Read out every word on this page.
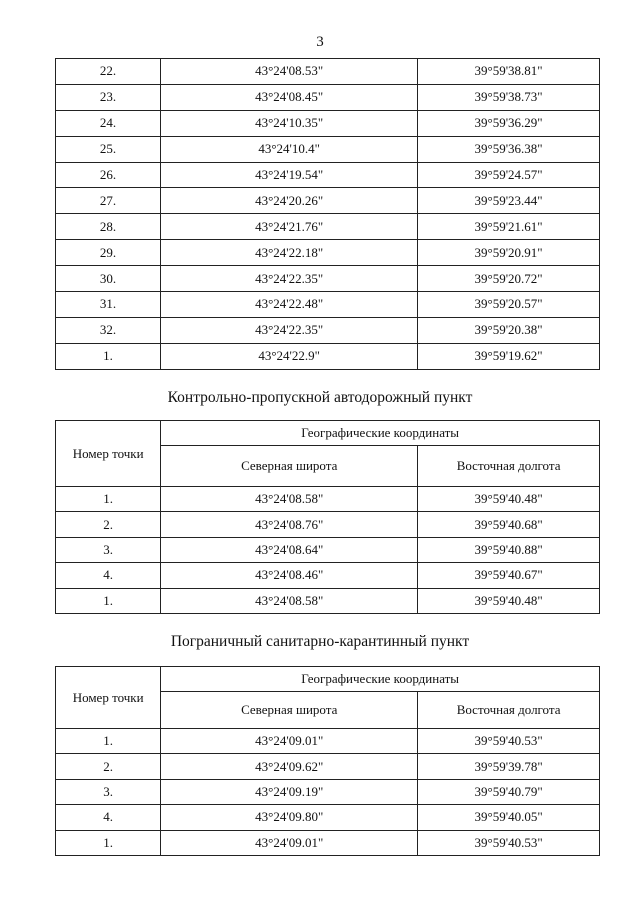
3
22.	43°24'08.53"	39°59'38.81"
23.	43°24'08.45"	39°59'38.73"
24.	43°24'10.35"	39°59'36.29"
25.	43°24'10.4"	39°59'36.38"
26.	43°24'19.54"	39°59'24.57"
27.	43°24'20.26"	39°59'23.44"
28.	43°24'21.76"	39°59'21.61"
29.	43°24'22.18"	39°59'20.91"
30.	43°24'22.35"	39°59'20.72"
31.	43°24'22.48"	39°59'20.57"
32.	43°24'22.35"	39°59'20.38"
1.	43°24'22.9"	39°59'19.62"
Контрольно-пропускной автодорожный пункт
Номер точки	Географические координаты	
	Северная широта	Восточная долгота
1.	43°24'08.58"	39°59'40.48"
2.	43°24'08.76"	39°59'40.68"
3.	43°24'08.64"	39°59'40.88"
4.	43°24'08.46"	39°59'40.67"
1.	43°24'08.58"	39°59'40.48"
Пограничный санитарно-карантинный пункт
Номер точки	Географические координаты	
	Северная широта	Восточная долгота
1.	43°24'09.01"	39°59'40.53"
2.	43°24'09.62"	39°59'39.78"
3.	43°24'09.19"	39°59'40.79"
4.	43°24'09.80"	39°59'40.05"
1.	43°24'09.01"	39°59'40.53"
